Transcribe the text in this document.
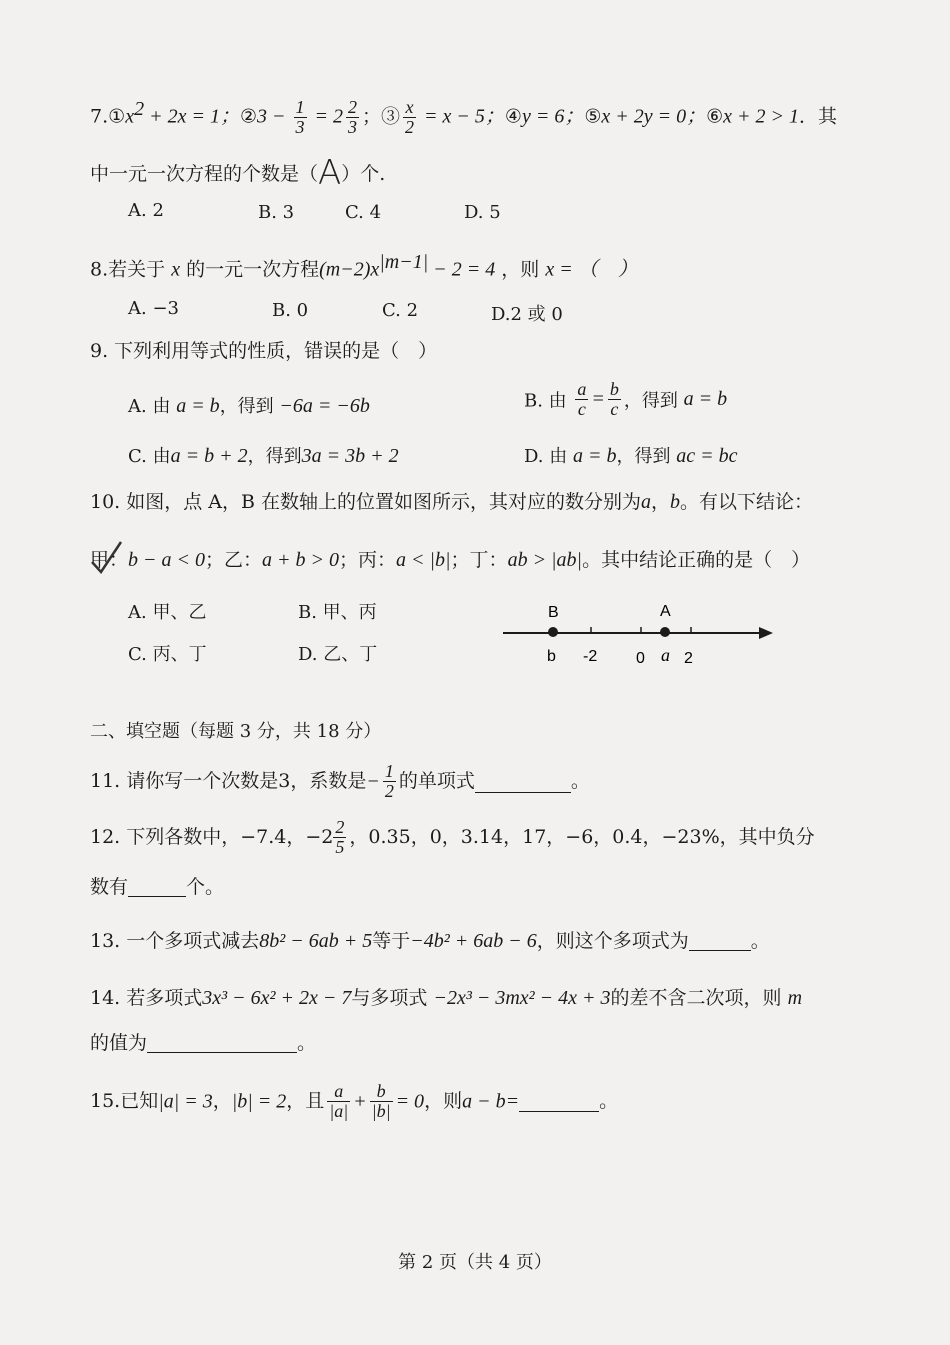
$7.①x^2 + 2x = 1$；②3 − $\frac{1}{3} = 2 \frac{2}{3}$ ；③ $\frac{x}{2} = x - 5$；④y = 6；⑤x + 2y = 0；⑥x + 2 > 1．其
中一元一次方程的个数是（A）个.
A. 2	B. 3	C. 4	D. 5
8.若关于 x 的一元一次方程$(m-2)x^{|m-1|} - 2 = 4$ ，则 x = （　）
A. −3	B. 0	C. 2	D.2 或 0
9. 下列利用等式的性质，错误的是（　）
A. 由 a = b，得到 −6a = −6b	B. 由 $\frac{a}{c} = \frac{b}{c}$ ，得到 a = b
C. 由a = b + 2，得到3a = 3b + 2	D. 由 a = b，得到 ac = bc
10. 如图，点 A，B 在数轴上的位置如图所示，其对应的数分别为a，b。有以下结论：
甲：b − a < 0；乙：a + b > 0；丙：a < |b|；丁：ab > |ab|。其中结论正确的是（　）
A. 甲、乙	B. 甲、丙
C. 丙、丁	D. 乙、丁
B	A
b -2 0 a 2
二、填空题（每题 3 分，共 18 分）
11. 请你写一个次数是3，系数是− $\frac{1}{2}$ 的单项式	。
12. 下列各数中，−7.4，$-2 \frac{2}{5}$ ，0.35，0，3.14，17，−6，0.4，−23%，其中负分
数有	个。
13. 一个多项式减去8b² − 6ab + 5等于−4b² + 6ab − 6，则这个多项式为	。
14. 若多项式3x³ − 6x² + 2x − 7与多项式 −2x³ − 3mx² − 4x + 3的差不含二次项，则 m
的值为	。
15.已知|a| = 3，|b| = 2，且 $\frac{a}{|a|} + \frac{b}{|b|} = 0$，则a − b=	。
第 2 页（共 4 页）
